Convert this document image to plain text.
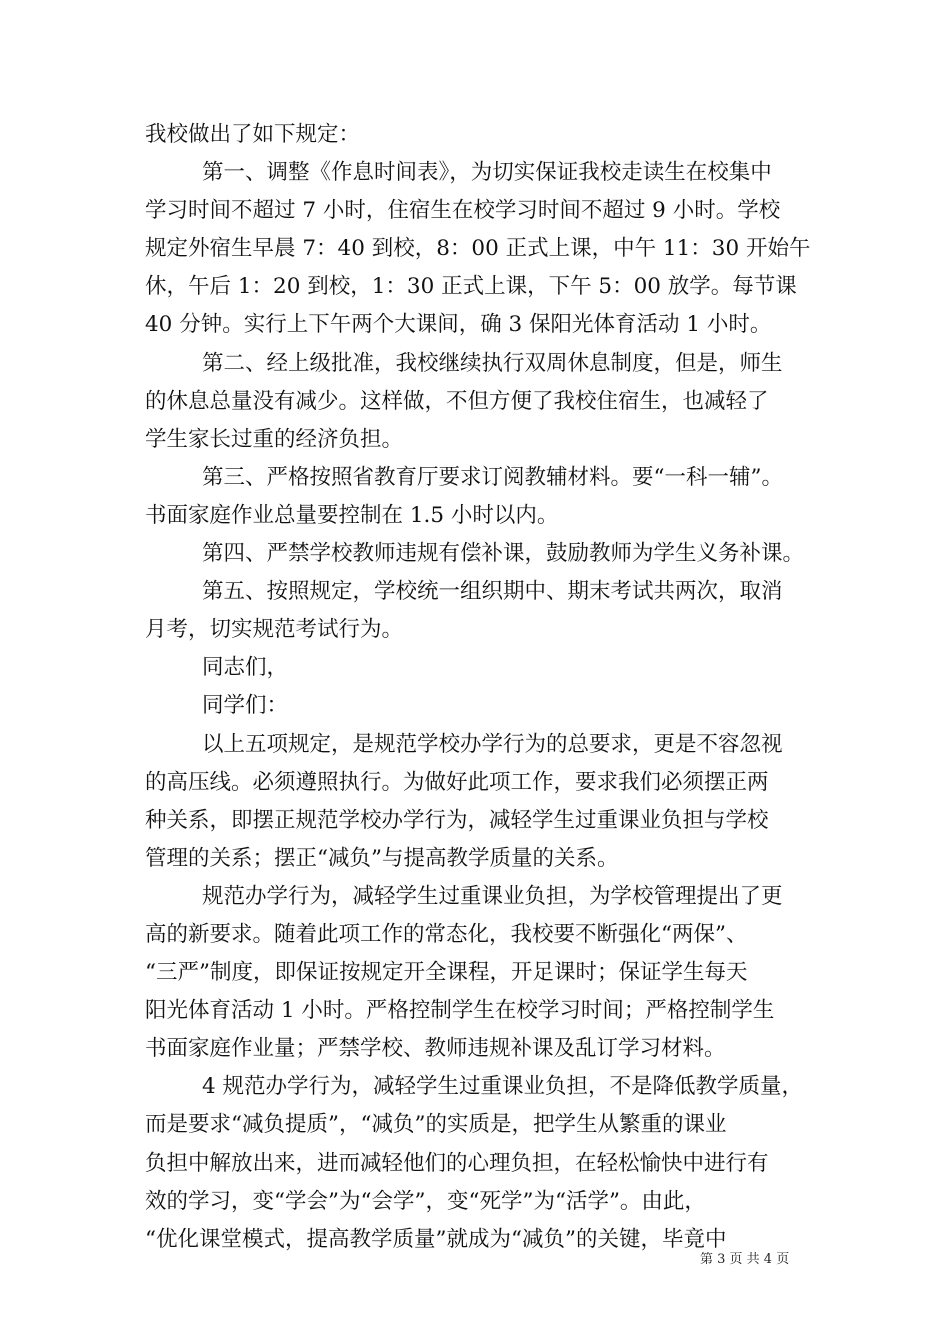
我校做出了如下规定：
第一、调整《作息时间表》，为切实保证我校走读生在校集中
学习时间不超过 7 小时，住宿生在校学习时间不超过 9 小时。学校
规定外宿生早晨 7：40 到校，8：00 正式上课，中午 11：30 开始午
休，午后 1：20 到校，1：30 正式上课，下午 5：00 放学。每节课
40 分钟。实行上下午两个大课间，确 3 保阳光体育活动 1 小时。
第二、经上级批准，我校继续执行双周休息制度，但是，师生
的休息总量没有减少。这样做，不但方便了我校住宿生，也减轻了
学生家长过重的经济负担。
第三、严格按照省教育厅要求订阅教辅材料。要“一科一辅”。
书面家庭作业总量要控制在 1.5 小时以内。
第四、严禁学校教师违规有偿补课，鼓励教师为学生义务补课。
第五、按照规定，学校统一组织期中、期末考试共两次，取消
月考，切实规范考试行为。
同志们，
同学们：
以上五项规定，是规范学校办学行为的总要求，更是不容忽视
的高压线。必须遵照执行。为做好此项工作，要求我们必须摆正两
种关系，即摆正规范学校办学行为，减轻学生过重课业负担与学校
管理的关系；摆正“减负”与提高教学质量的关系。
规范办学行为，减轻学生过重课业负担，为学校管理提出了更
高的新要求。随着此项工作的常态化，我校要不断强化“两保”、
“三严”制度，即保证按规定开全课程，开足课时；保证学生每天
阳光体育活动 1 小时。严格控制学生在校学习时间；严格控制学生
书面家庭作业量；严禁学校、教师违规补课及乱订学习材料。
4 规范办学行为，减轻学生过重课业负担，不是降低教学质量，
而是要求“减负提质”，“减负”的实质是，把学生从繁重的课业
负担中解放出来，进而减轻他们的心理负担，在轻松愉快中进行有
效的学习，变“学会”为“会学”，变“死学”为“活学”。由此，
“优化课堂模式，提高教学质量”就成为“减负”的关键，毕竟中
第 3 页 共 4 页
